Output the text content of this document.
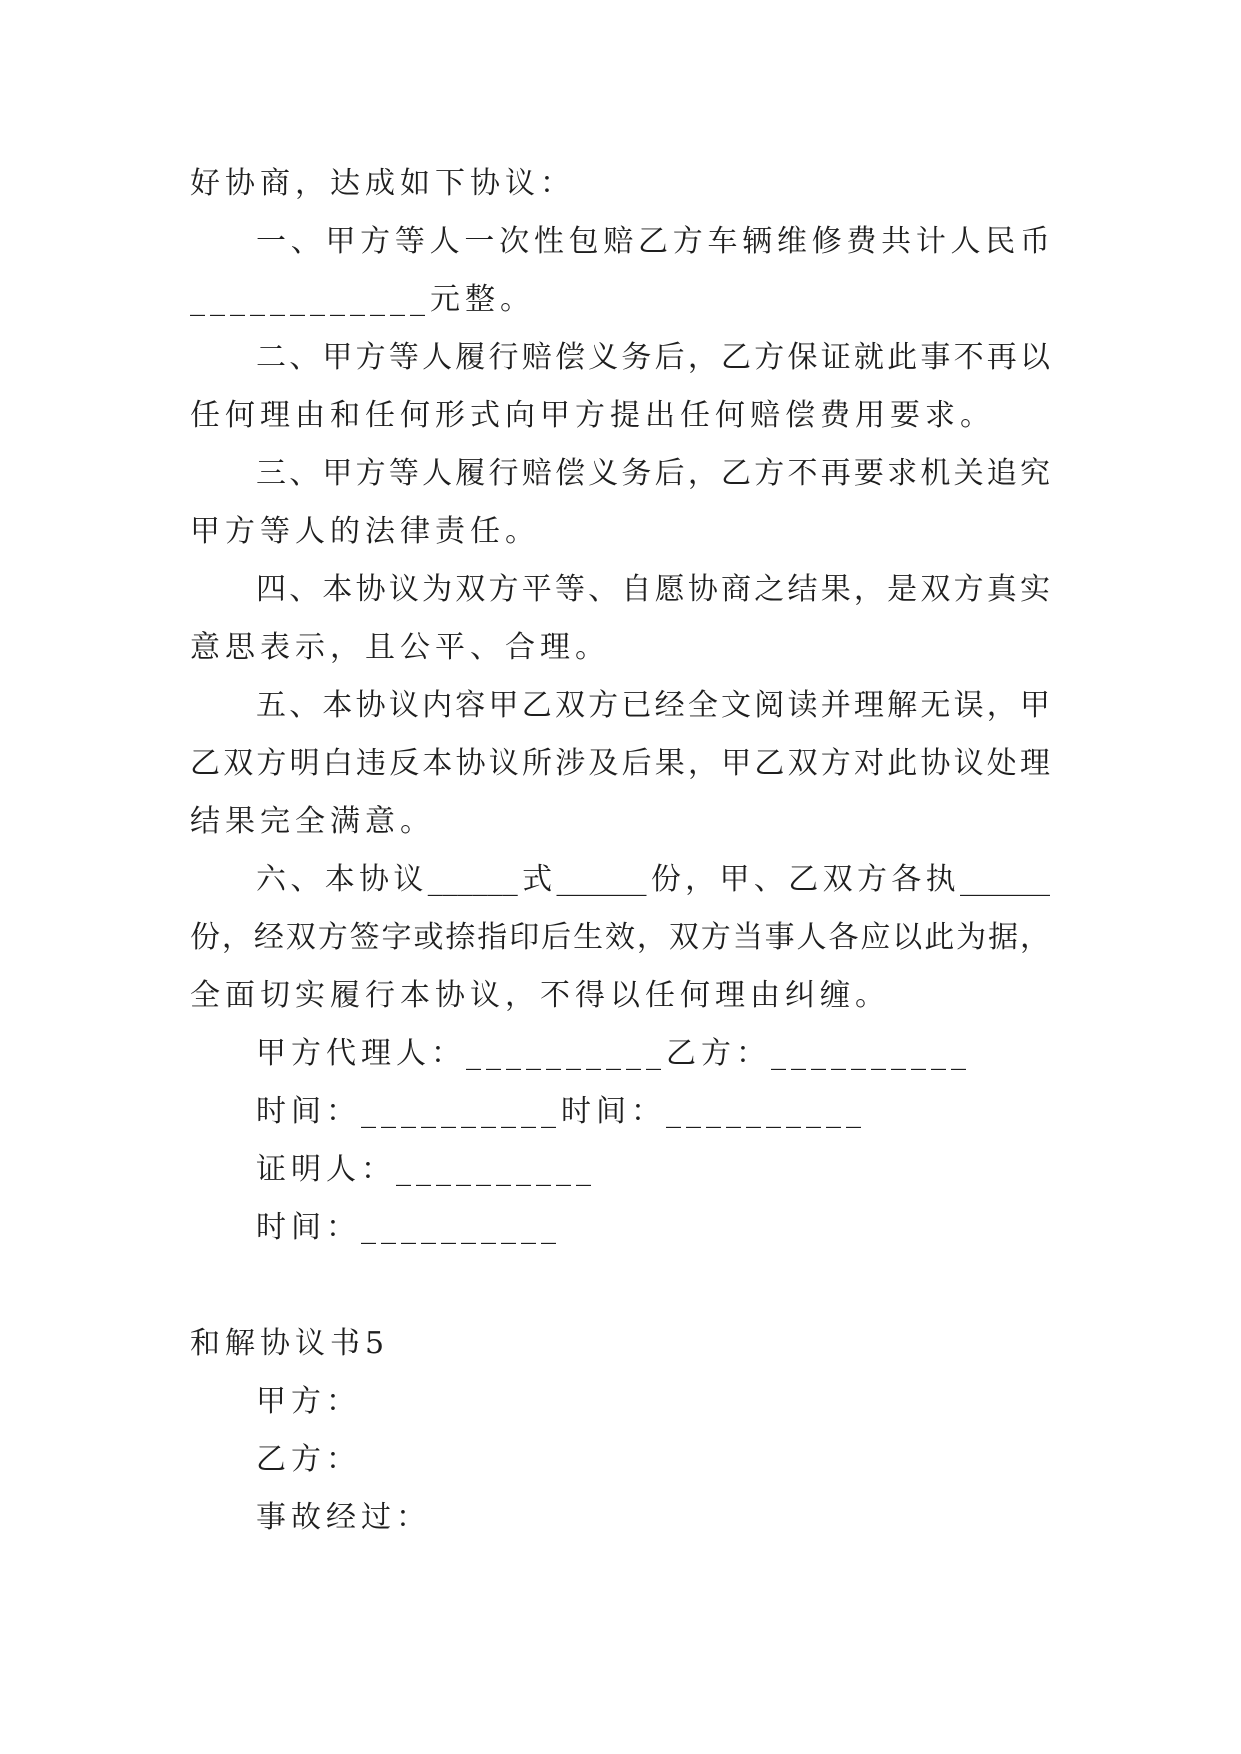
好协商，达成如下协议：
一、甲方等人一次性包赔乙方车辆维修费共计人民币
____________元整。
二、甲方等人履行赔偿义务后，乙方保证就此事不再以
任何理由和任何形式向甲方提出任何赔偿费用要求。
三、甲方等人履行赔偿义务后，乙方不再要求机关追究
甲方等人的法律责任。
四、本协议为双方平等、自愿协商之结果，是双方真实
意思表示，且公平、合理。
五、本协议内容甲乙双方已经全文阅读并理解无误，甲
乙双方明白违反本协议所涉及后果，甲乙双方对此协议处理
结果完全满意。
六、本协议______式______份，甲、乙双方各执______
份，经双方签字或捺指印后生效，双方当事人各应以此为据，
全面切实履行本协议，不得以任何理由纠缠。
甲方代理人：__________乙方：__________
时间：__________时间：__________
证明人：__________
时间：__________
和解协议书5
甲方：
乙方：
事故经过：
